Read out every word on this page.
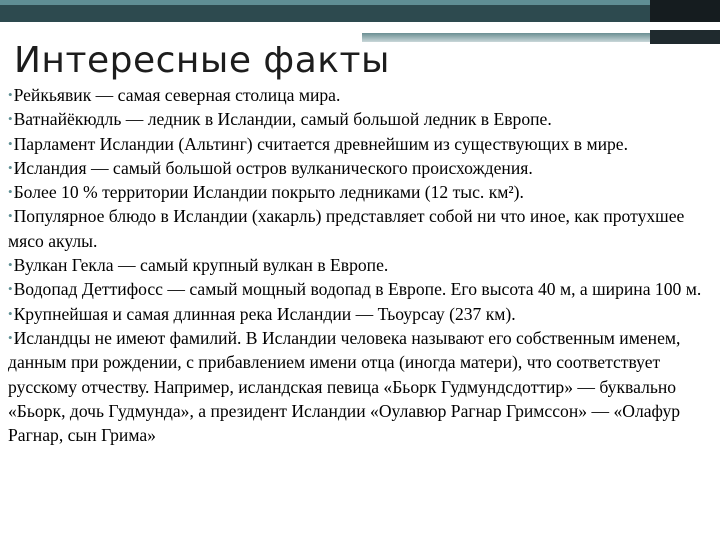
Интересные факты
•Рейкьявик — самая северная столица мира.
•Ватнайёкюдль — ледник в Исландии, самый большой ледник в Европе.
•Парламент Исландии (Альтинг) считается древнейшим из существующих в мире.
•Исландия — самый большой остров вулканического происхождения.
•Более 10 % территории Исландии покрыто ледниками (12 тыс. км²).
•Популярное блюдо в Исландии (хакарль) представляет собой ни что иное, как протухшее мясо акулы.
•Вулкан Гекла — самый крупный вулкан в Европе.
•Водопад Деттифосс — самый мощный водопад в Европе. Его высота 40 м, а ширина 100 м.
•Крупнейшая и самая длинная река Исландии — Тьоурсау (237 км).
•Исландцы не имеют фамилий. В Исландии человека называют его собственным именем, данным при рождении, с прибавлением имени отца (иногда матери), что соответствует русскому отчеству. Например, исландская певица «Бьорк Гудмундсдоттир» — буквально «Бьорк, дочь Гудмунда», а президент Исландии «Оулавюр Рагнар Гримссон» — «Олафур Рагнар, сын Грима»
